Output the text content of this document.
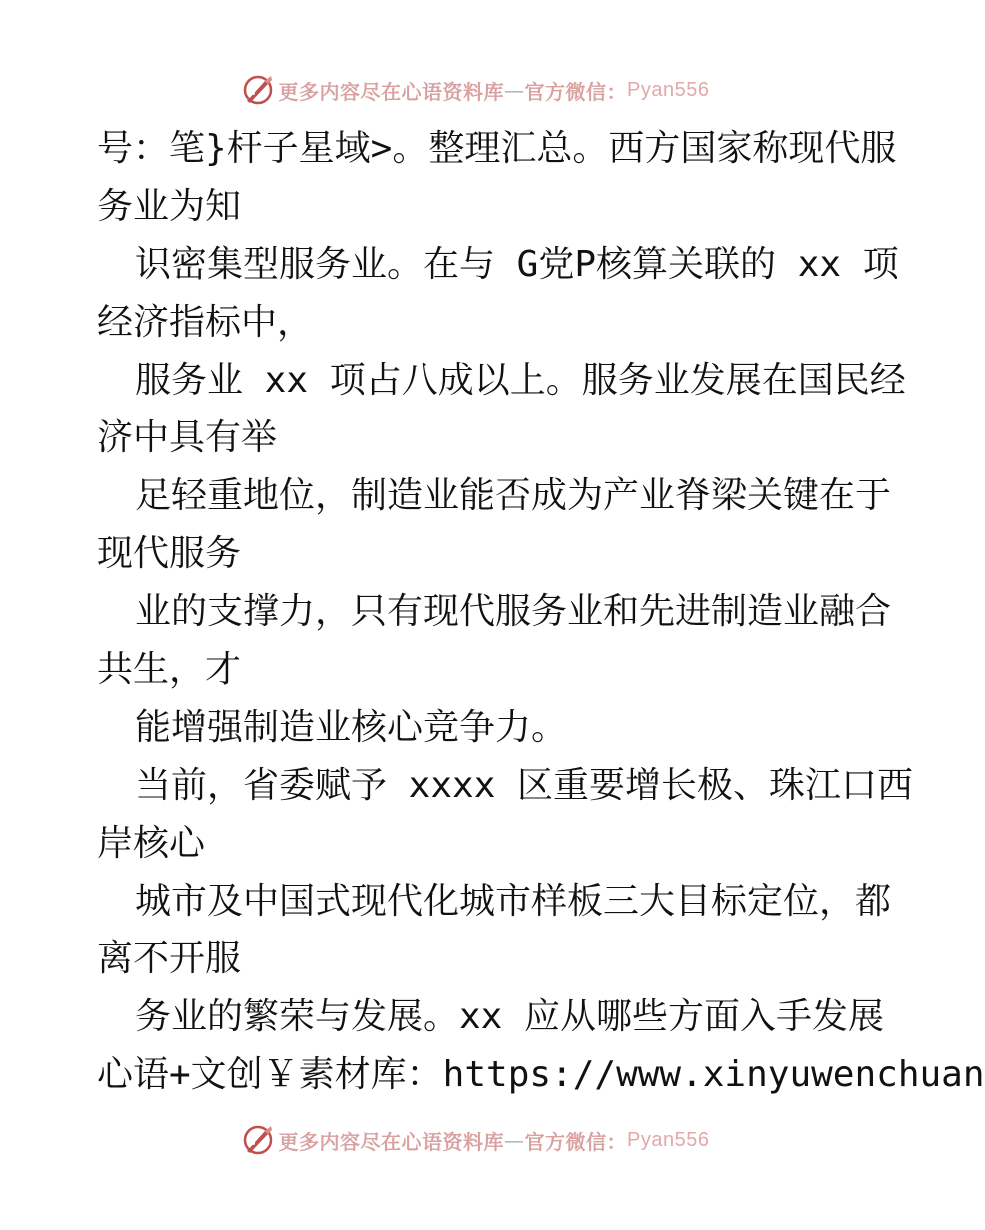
更多内容尽在心语资料库 — 官方微信： Pyan556
号：笔}杆子星域>。整理汇总。西方国家称现代服
务业为知
识密集型服务业。在与 G党P核算关联的 xx 项
经济指标中，
服务业 xx 项占八成以上。服务业发展在国民经
济中具有举
足轻重地位，制造业能否成为产业脊梁关键在于
现代服务
业的支撑力，只有现代服务业和先进制造业融合
共生，才
能增强制造业核心竞争力。
当前，省委赋予 xxxx 区重要增长极、珠江口西
岸核心
城市及中国式现代化城市样板三大目标定位，都
离不开服
务业的繁荣与发展。xx 应从哪些方面入手发展
心语+文创￥素材库：https://www.xinyuwenchuan
更多内容尽在心语资料库 — 官方微信： Pyan556
